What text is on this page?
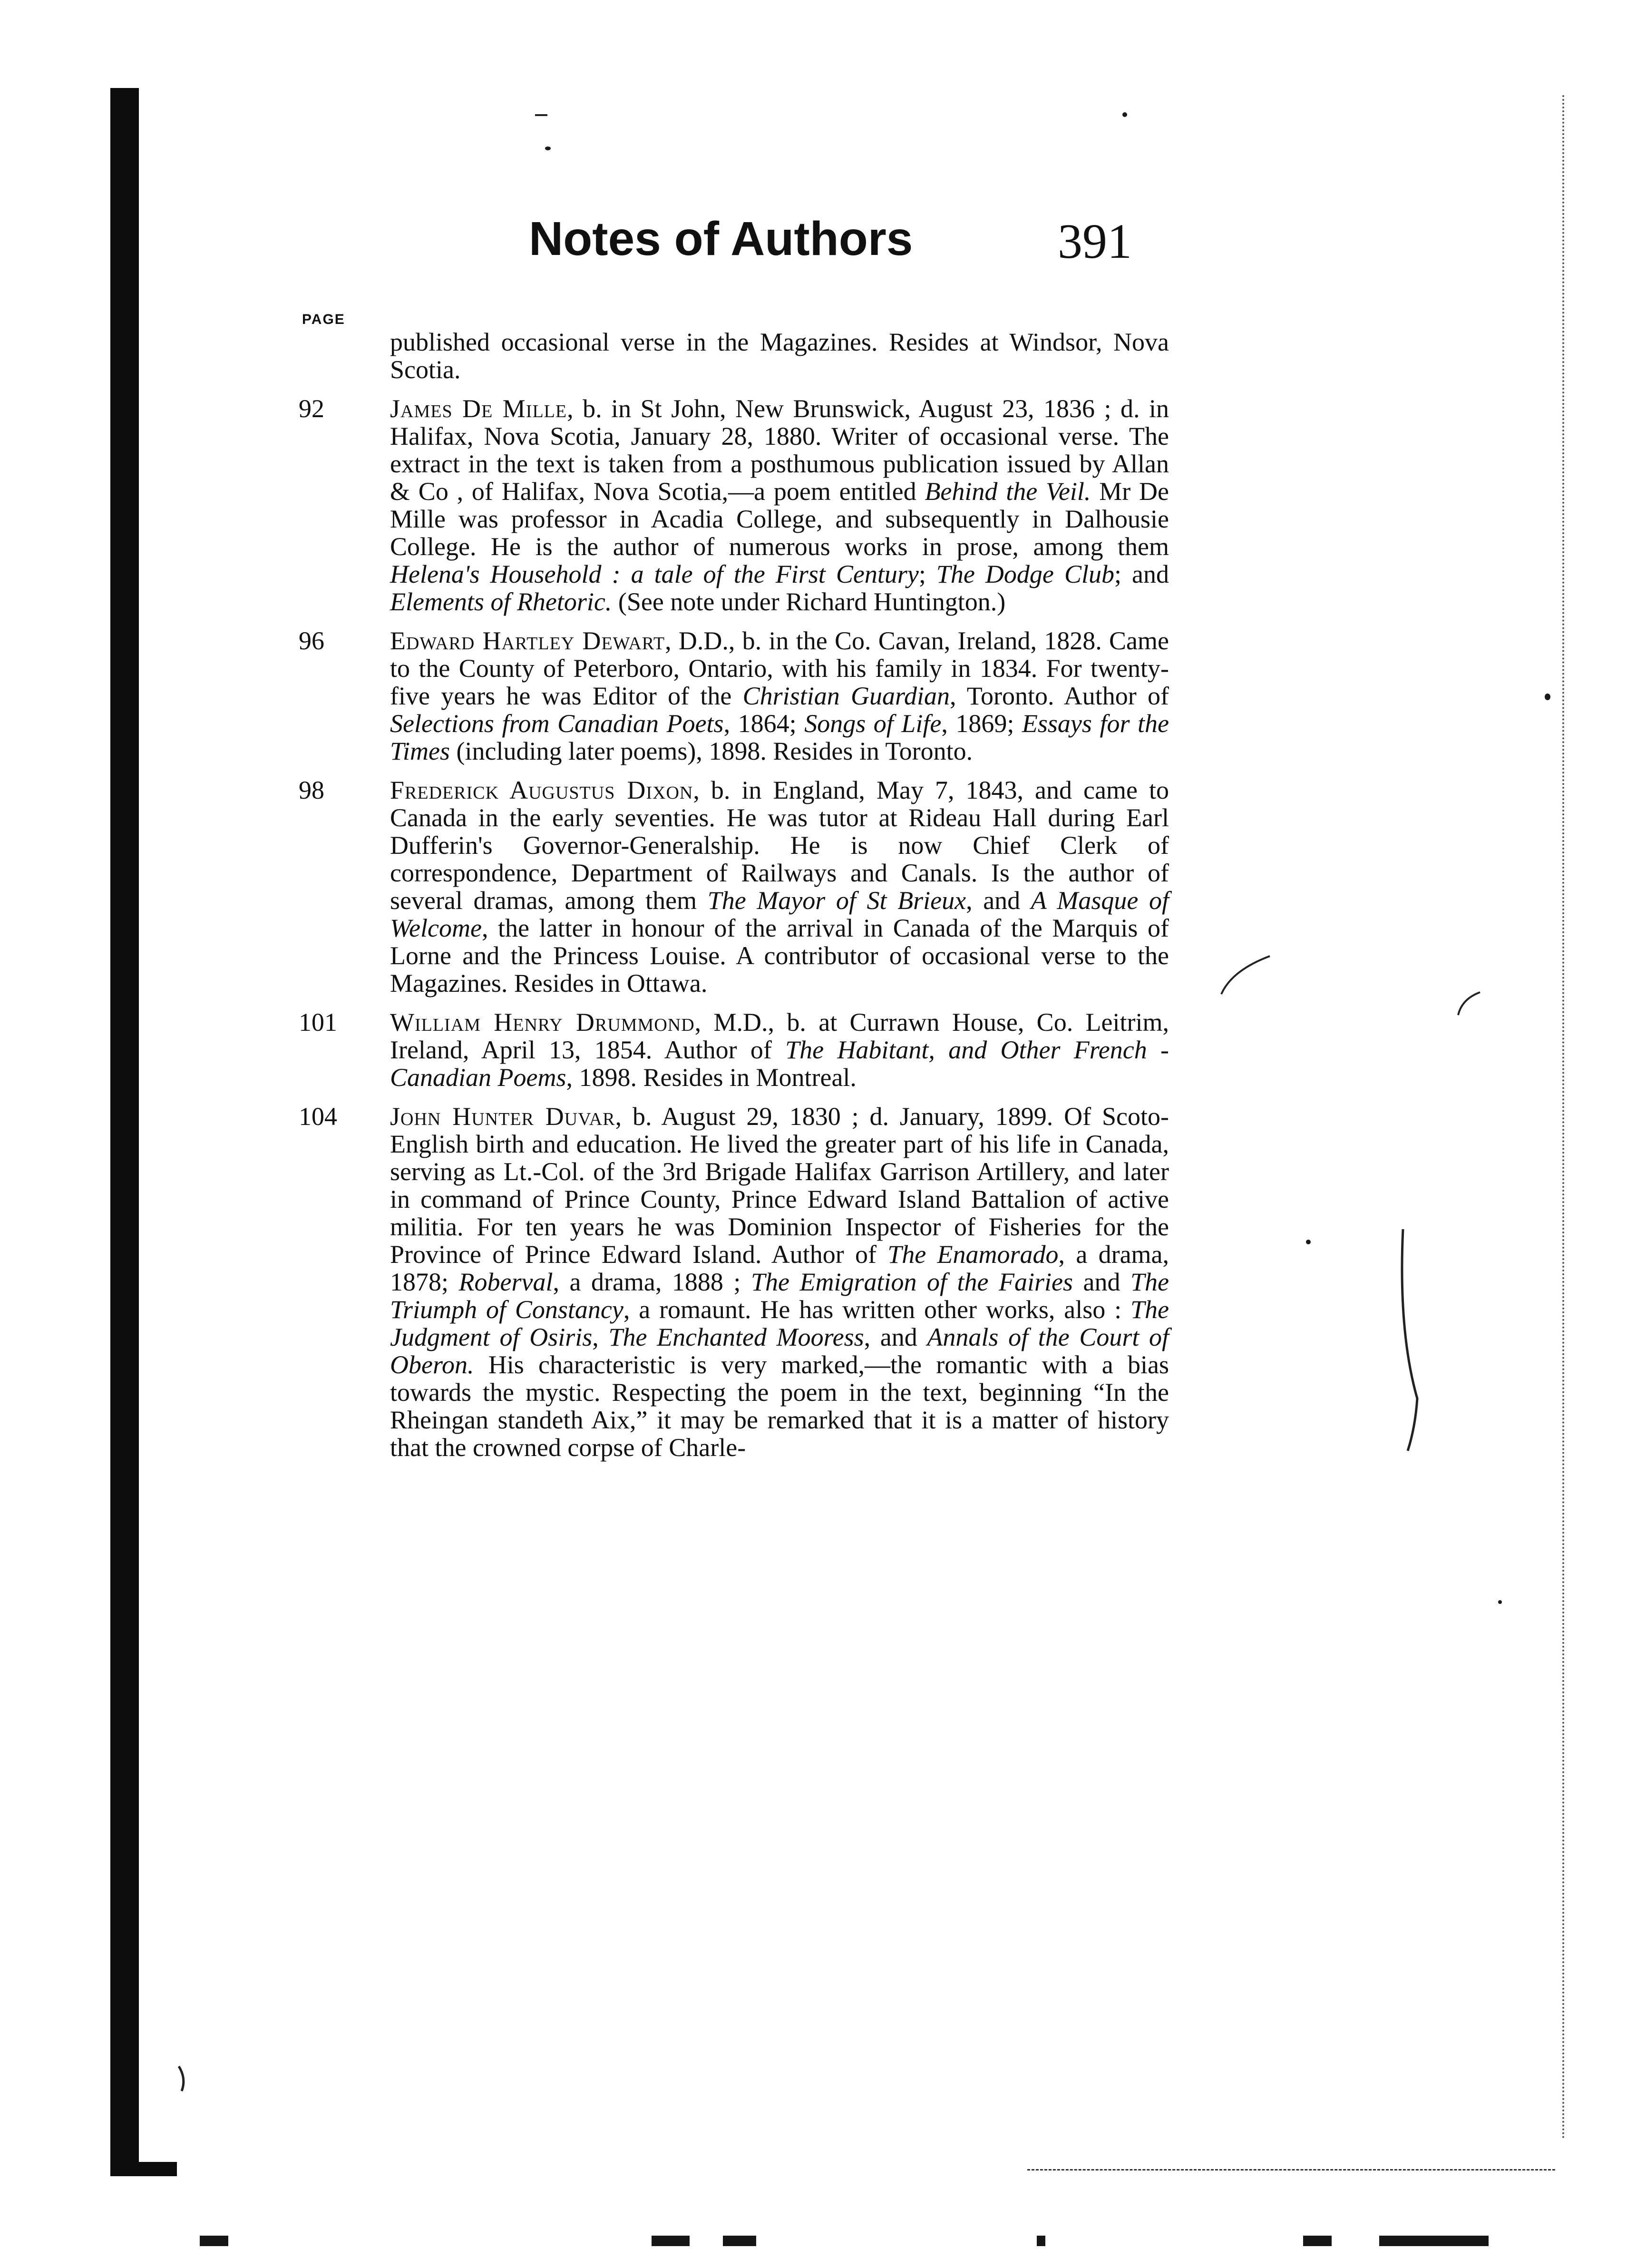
Notes of Authors	391
PAGE

published occasional verse in the Magazines. Resides at Windsor, Nova Scotia.

92	James De Mille, b. in St John, New Brunswick, August 23, 1836 ; d. in Halifax, Nova Scotia, January 28, 1880. Writer of occasional verse. The extract in the text is taken from a posthumous publication issued by Allan & Co , of Halifax, Nova Scotia,—a poem entitled Behind the Veil. Mr De Mille was professor in Acadia College, and subsequently in Dalhousie College. He is the author of numerous works in prose, among them Helena's Household : a tale of the First Century; The Dodge Club; and Elements of Rhetoric. (See note under Richard Huntington.)

96	Edward Hartley Dewart, D.D., b. in the Co. Cavan, Ireland, 1828. Came to the County of Peterboro, Ontario, with his family in 1834. For twenty-five years he was Editor of the Christian Guardian, Toronto. Author of Selections from Canadian Poets, 1864; Songs of Life, 1869; Essays for the Times (including later poems), 1898. Resides in Toronto.

98	Frederick Augustus Dixon, b. in England, May 7, 1843, and came to Canada in the early seventies. He was tutor at Rideau Hall during Earl Dufferin's Governor-Generalship. He is now Chief Clerk of correspondence, Department of Railways and Canals. Is the author of several dramas, among them The Mayor of St Brieux, and A Masque of Welcome, the latter in honour of the arrival in Canada of the Marquis of Lorne and the Princess Louise. A contributor of occasional verse to the Magazines. Resides in Ottawa.

101	William Henry Drummond, M.D., b. at Currawn House, Co. Leitrim, Ireland, April 13, 1854. Author of The Habitant, and Other French - Canadian Poems, 1898. Resides in Montreal.

104	John Hunter Duvar, b. August 29, 1830 ; d. January, 1899. Of Scoto-English birth and education. He lived the greater part of his life in Canada, serving as Lt.-Col. of the 3rd Brigade Halifax Garrison Artillery, and later in command of Prince County, Prince Edward Island Battalion of active militia. For ten years he was Dominion Inspector of Fisheries for the Province of Prince Edward Island. Author of The Enamorado, a drama, 1878; Roberval, a drama, 1888 ; The Emigration of the Fairies and The Triumph of Constancy, a romaunt. He has written other works, also : The Judgment of Osiris, The Enchanted Mooress, and Annals of the Court of Oberon. His characteristic is very marked,—the romantic with a bias towards the mystic. Respecting the poem in the text, beginning “In the Rheingan standeth Aix,” it may be remarked that it is a matter of history that the crowned corpse of Charle-
